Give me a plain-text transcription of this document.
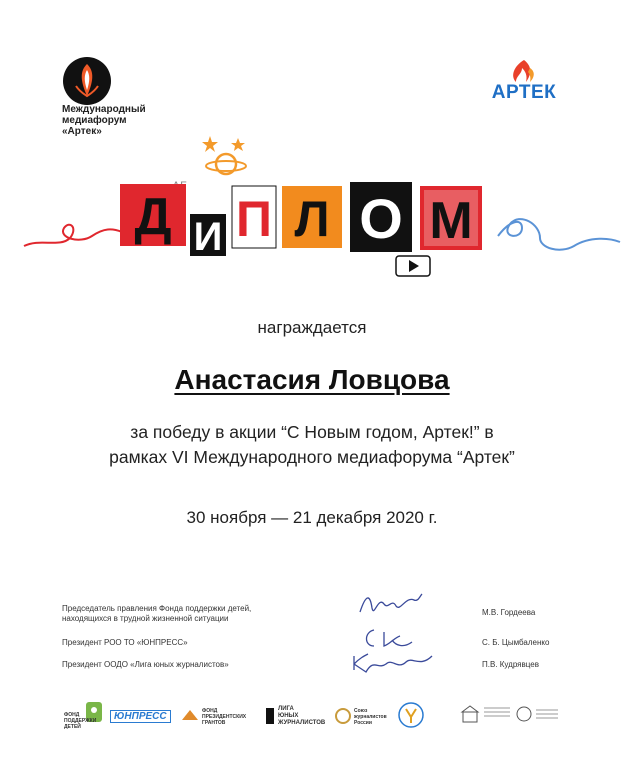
Международный
медиафорум
«Артек»
АРТЕК
Д И П Л О М
награждается
Анастасия Ловцова
за победу в акции “С Новым годом, Артек!” в
рамках VI Международного медиафорума “Артек”
30 ноября — 21 декабря 2020 г.
Председатель правления Фонда поддержки детей,
находящихся в трудной жизненной ситуации
М.В. Гордеева
Президент РОО ТО «ЮНПРЕСС»	С. Б. Цымбаленко
Президент ООДО «Лига юных журналистов»	П.В. Кудрявцев
ФОНД
ПОДДЕРЖКИ
ДЕТЕЙ
ЮНПРЕСС	ФОНД
ПРЕЗИДЕНТСКИХ
ГРАНТОВ
ЛИГА
ЮНЫХ
ЖУРНАЛИСТОВ
Союз
журналистов
России
